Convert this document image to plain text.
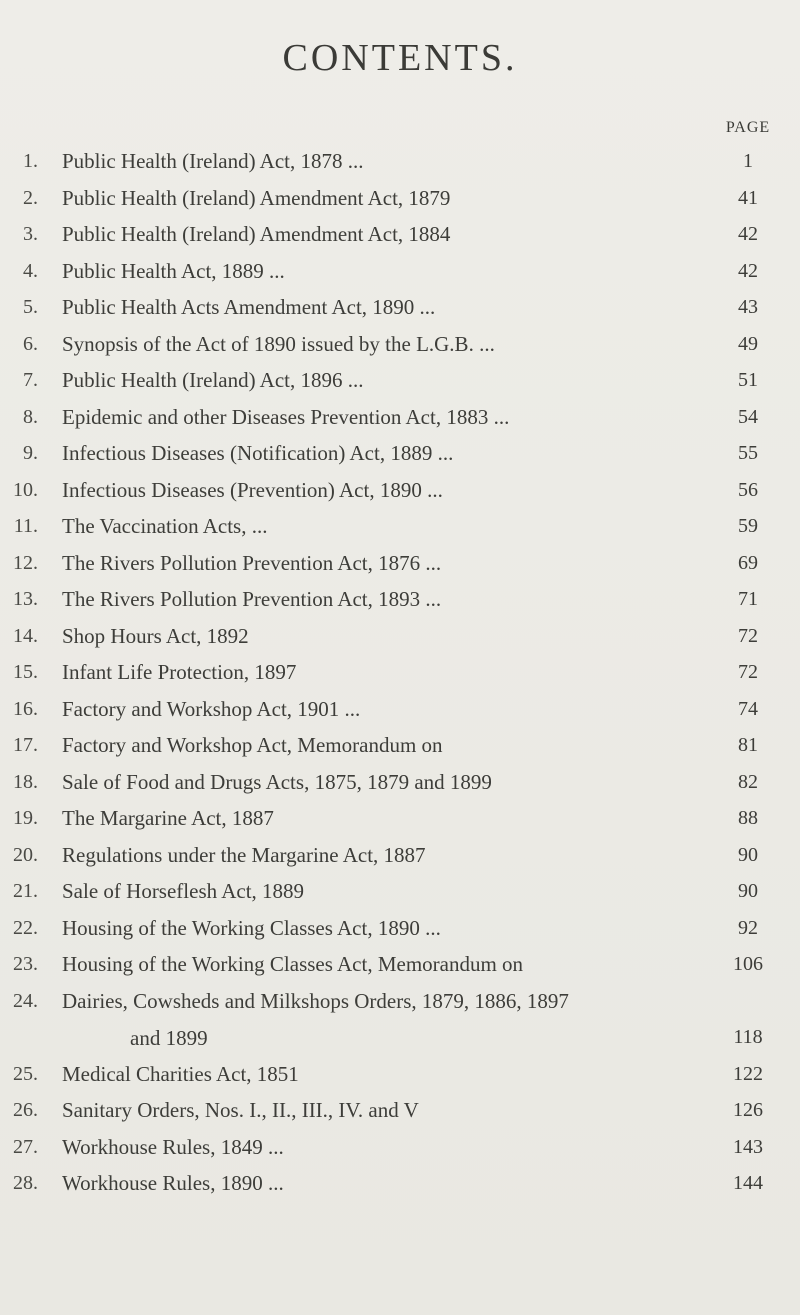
CONTENTS.
PAGE
1. Public Health (Ireland) Act, 1878 ...	1
2. Public Health (Ireland) Amendment Act, 1879	41
3. Public Health (Ireland) Amendment Act, 1884	42
4. Public Health Act, 1889 ...	42
5. Public Health Acts Amendment Act, 1890 ...	43
6. Synopsis of the Act of 1890 issued by the L.G.B. ...	49
7. Public Health (Ireland) Act, 1896 ...	51
8. Epidemic and other Diseases Prevention Act, 1883 ...	54
9. Infectious Diseases (Notification) Act, 1889 ...	55
10. Infectious Diseases (Prevention) Act, 1890 ...	56
11. The Vaccination Acts, ...	59
12. The Rivers Pollution Prevention Act, 1876 ...	69
13. The Rivers Pollution Prevention Act, 1893 ...	71
14. Shop Hours Act, 1892	72
15. Infant Life Protection, 1897	72
16. Factory and Workshop Act, 1901 ...	74
17. Factory and Workshop Act, Memorandum on	81
18. Sale of Food and Drugs Acts, 1875, 1879 and 1899	82
19. The Margarine Act, 1887	88
20. Regulations under the Margarine Act, 1887	90
21. Sale of Horseflesh Act, 1889	90
22. Housing of the Working Classes Act, 1890 ...	92
23. Housing of the Working Classes Act, Memorandum on	106
24. Dairies, Cowsheds and Milkshops Orders, 1879, 1886, 1897
and 1899	118
25. Medical Charities Act, 1851	122
26. Sanitary Orders, Nos. I., II., III., IV. and V	126
27. Workhouse Rules, 1849 ...	143
28. Workhouse Rules, 1890 ...	144
